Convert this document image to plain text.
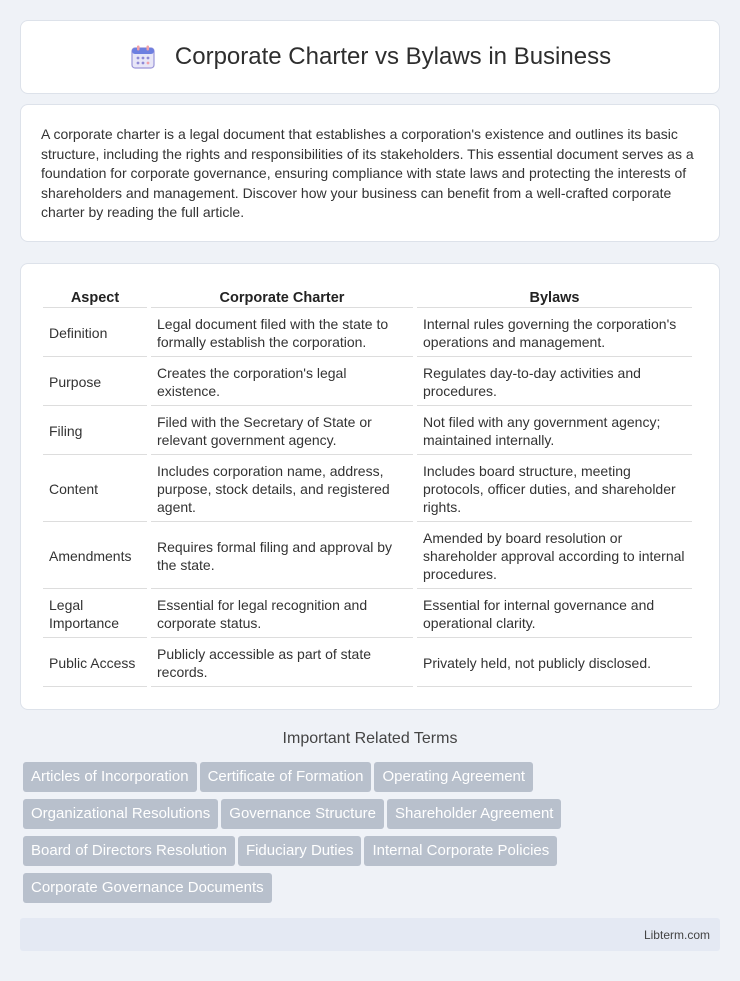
Corporate Charter vs Bylaws in Business

A corporate charter is a legal document that establishes a corporation's existence and outlines its basic structure, including the rights and responsibilities of its stakeholders. This essential document serves as a foundation for corporate governance, ensuring compliance with state laws and protecting the interests of shareholders and management. Discover how your business can benefit from a well-crafted corporate charter by reading the full article.

Aspect	Corporate Charter	Bylaws
Definition	Legal document filed with the state to formally establish the corporation.	Internal rules governing the corporation's operations and management.
Purpose	Creates the corporation's legal existence.	Regulates day-to-day activities and procedures.
Filing	Filed with the Secretary of State or relevant government agency.	Not filed with any government agency; maintained internally.
Content	Includes corporation name, address, purpose, stock details, and registered agent.	Includes board structure, meeting protocols, officer duties, and shareholder rights.
Amendments	Requires formal filing and approval by the state.	Amended by board resolution or shareholder approval according to internal procedures.
Legal Importance	Essential for legal recognition and corporate status.	Essential for internal governance and operational clarity.
Public Access	Publicly accessible as part of state records.	Privately held, not publicly disclosed.
Important Related Terms
Articles of Incorporation Certificate of Formation Operating Agreement
Organizational Resolutions Governance Structure Shareholder Agreement
Board of Directors Resolution Fiduciary Duties Internal Corporate Policies
Corporate Governance Documents
Libterm.com
